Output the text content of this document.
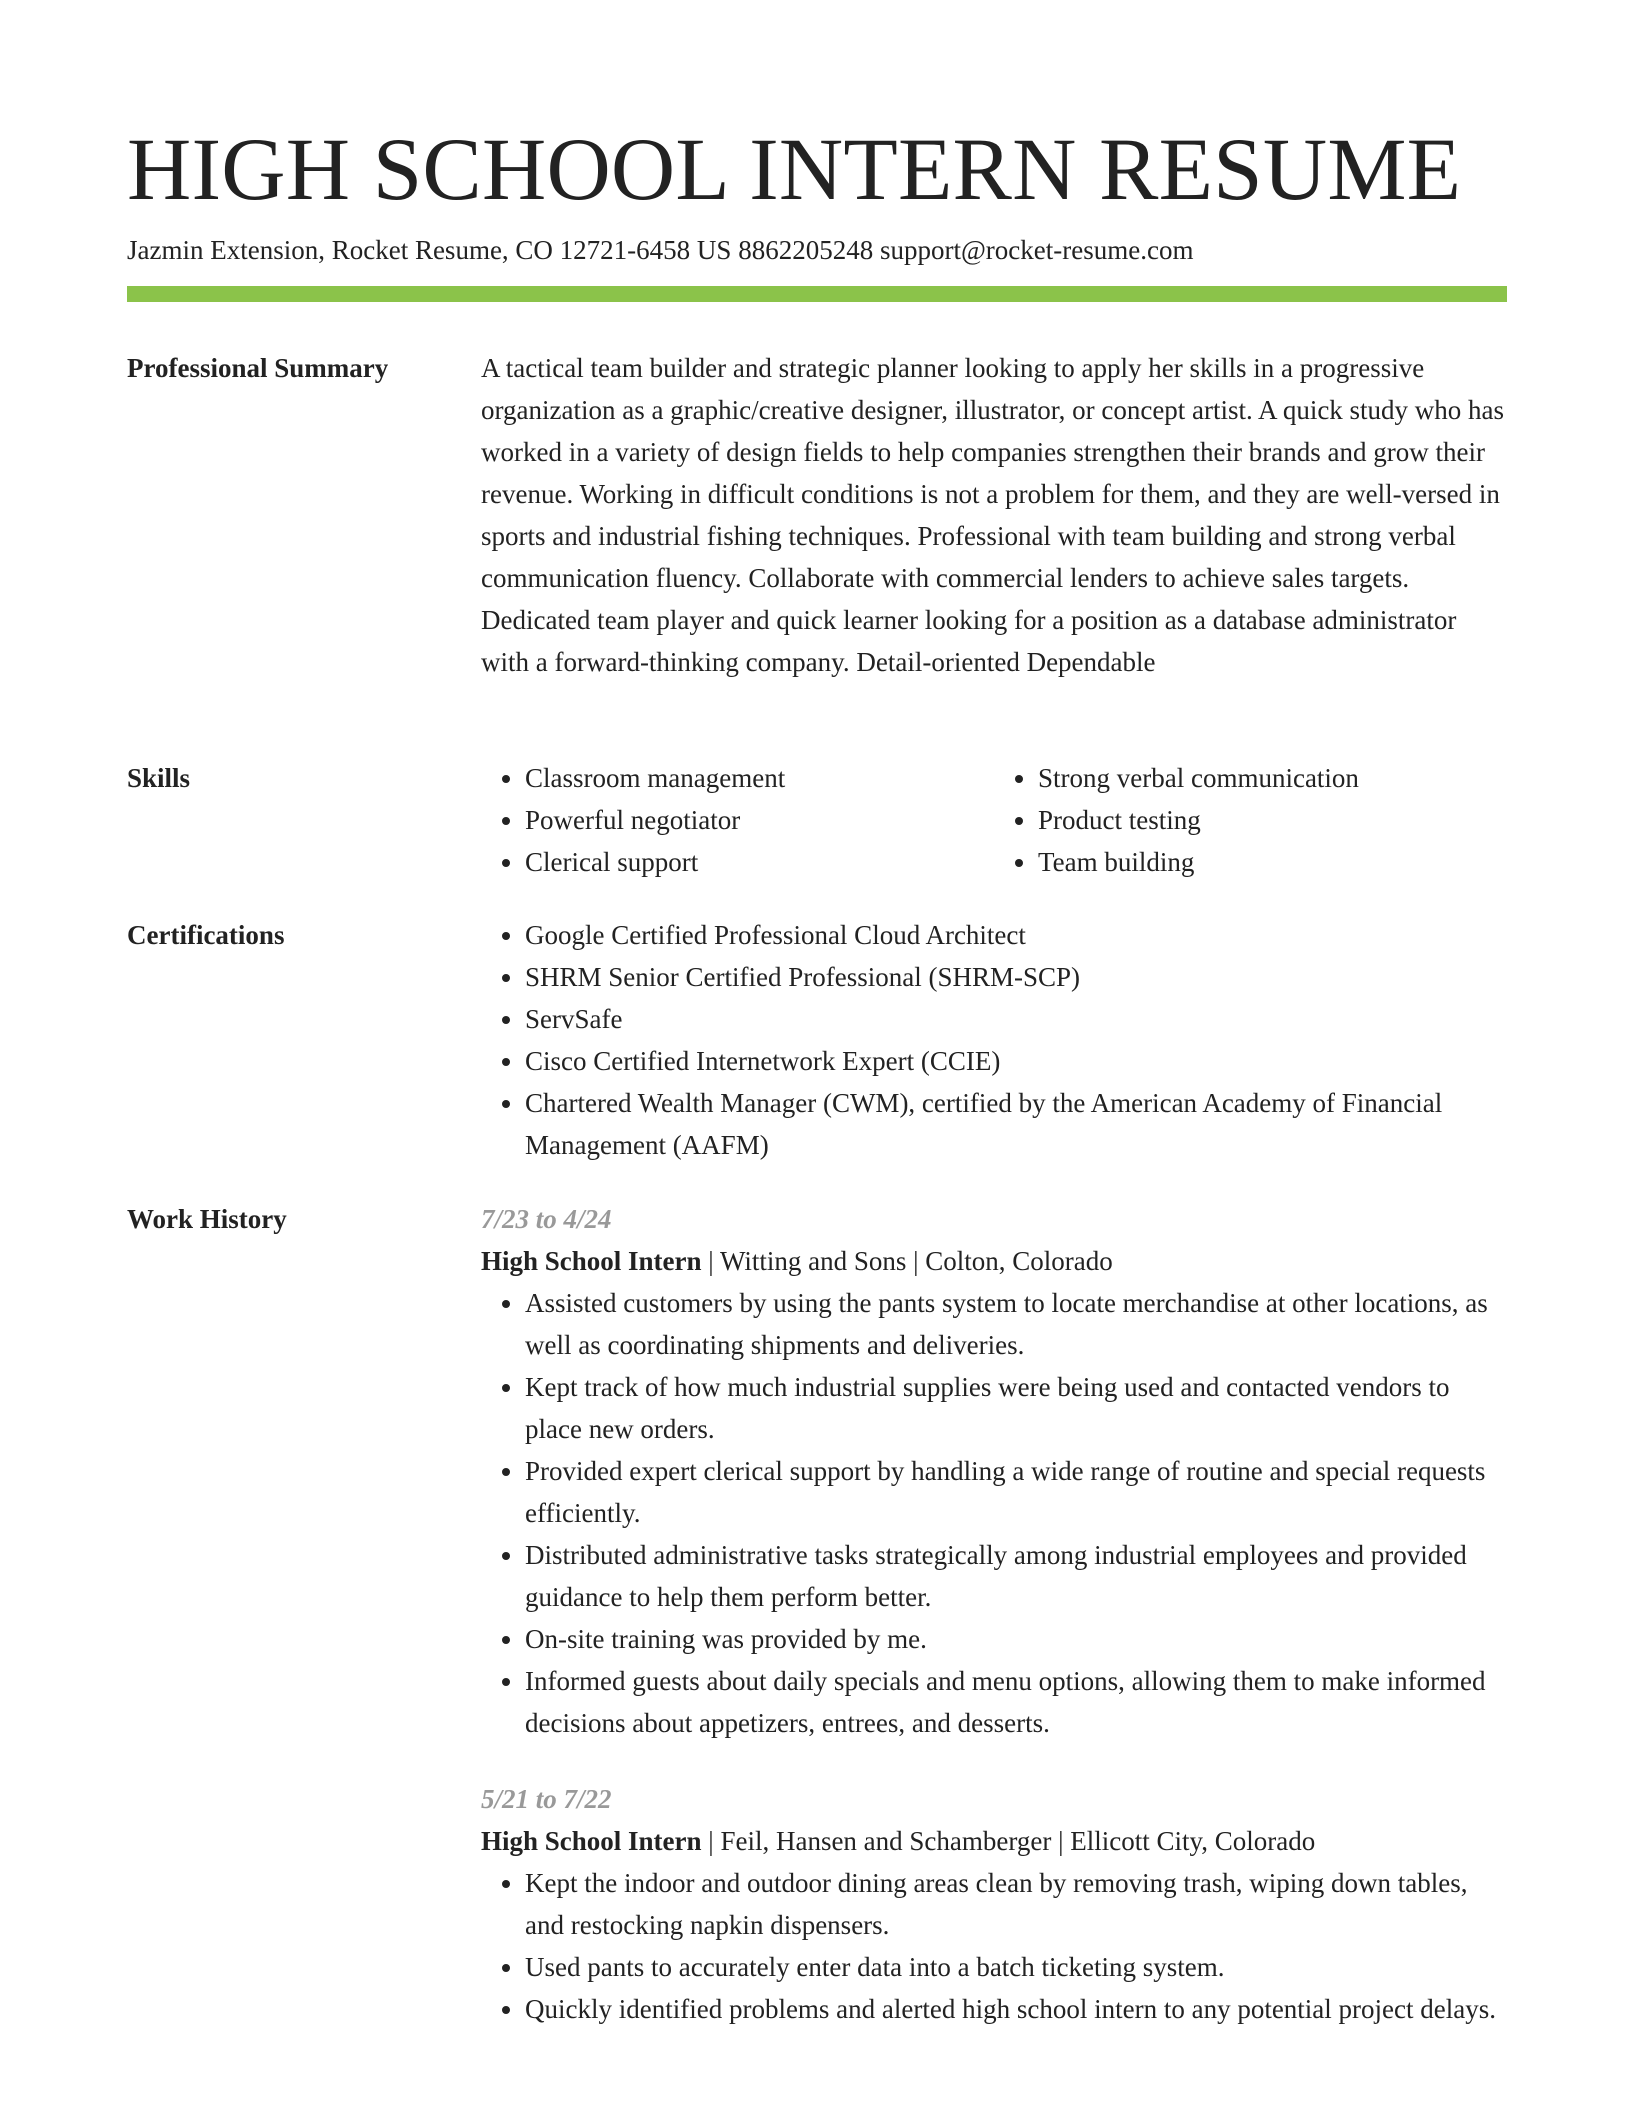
HIGH SCHOOL INTERN RESUME
Jazmin Extension, Rocket Resume, CO 12721-6458 US 8862205248 support@rocket-resume.com
Professional Summary	A tactical team builder and strategic planner looking to apply her skills in a progressive organization as a graphic/creative designer, illustrator, or concept artist. A quick study who has worked in a variety of design fields to help companies strengthen their brands and grow their revenue. Working in difficult conditions is not a problem for them, and they are well-versed in sports and industrial fishing techniques. Professional with team building and strong verbal communication fluency. Collaborate with commercial lenders to achieve sales targets. Dedicated team player and quick learner looking for a position as a database administrator with a forward-thinking company. Detail-oriented Dependable

Skills	• Classroom management
• Powerful negotiator
• Clerical support
• Strong verbal communication
• Product testing
• Team building
Certifications	• Google Certified Professional Cloud Architect
• SHRM Senior Certified Professional (SHRM-SCP)
• ServSafe
• Cisco Certified Internetwork Expert (CCIE)
• Chartered Wealth Manager (CWM), certified by the American Academy of Financial Management (AAFM)
Work History	7/23 to 4/24
High School Intern | Witting and Sons | Colton, Colorado
• Assisted customers by using the pants system to locate merchandise at other locations, as well as coordinating shipments and deliveries.
• Kept track of how much industrial supplies were being used and contacted vendors to place new orders.
• Provided expert clerical support by handling a wide range of routine and special requests efficiently.
• Distributed administrative tasks strategically among industrial employees and provided guidance to help them perform better.
• On-site training was provided by me.
• Informed guests about daily specials and menu options, allowing them to make informed decisions about appetizers, entrees, and desserts.
5/21 to 7/22
High School Intern | Feil, Hansen and Schamberger | Ellicott City, Colorado
• Kept the indoor and outdoor dining areas clean by removing trash, wiping down tables, and restocking napkin dispensers.
• Used pants to accurately enter data into a batch ticketing system.
• Quickly identified problems and alerted high school intern to any potential project delays.
